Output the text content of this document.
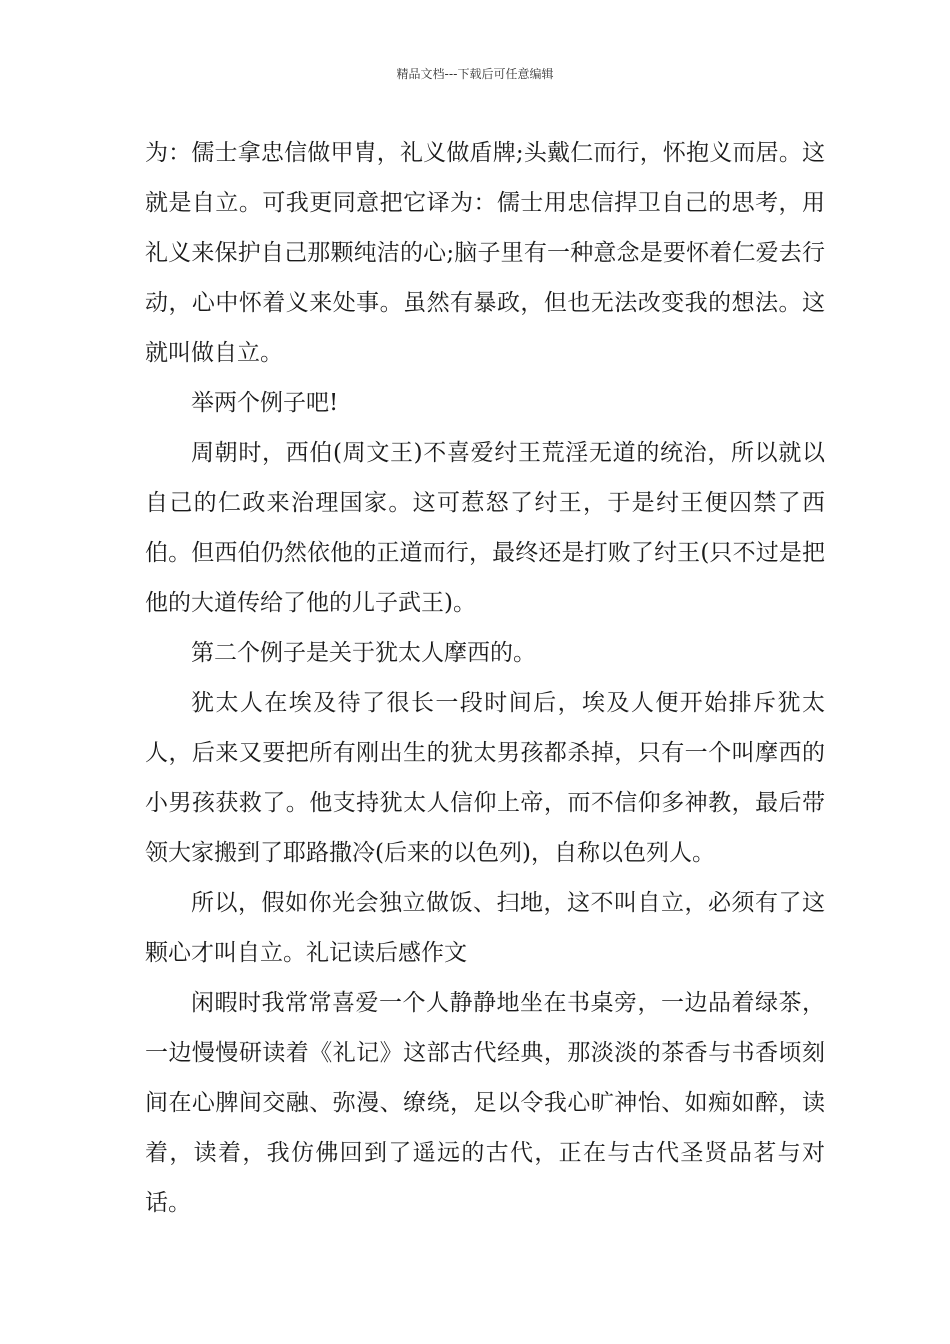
精品文档---下载后可任意编辑

为：儒士拿忠信做甲胄，礼义做盾牌;头戴仁而行，怀抱义而居。这就是自立。可我更同意把它译为：儒士用忠信捍卫自己的思考，用礼义来保护自己那颗纯洁的心;脑子里有一种意念是要怀着仁爱去行动，心中怀着义来处事。虽然有暴政，但也无法改变我的想法。这就叫做自立。

举两个例子吧!

周朝时，西伯(周文王)不喜爱纣王荒淫无道的统治，所以就以自己的仁政来治理国家。这可惹怒了纣王，于是纣王便囚禁了西伯。但西伯仍然依他的正道而行，最终还是打败了纣王(只不过是把他的大道传给了他的儿子武王)。

第二个例子是关于犹太人摩西的。

犹太人在埃及待了很长一段时间后，埃及人便开始排斥犹太人，后来又要把所有刚出生的犹太男孩都杀掉，只有一个叫摩西的小男孩获救了。他支持犹太人信仰上帝，而不信仰多神教，最后带领大家搬到了耶路撒冷(后来的以色列)，自称以色列人。

所以，假如你光会独立做饭、扫地，这不叫自立，必须有了这颗心才叫自立。礼记读后感作文

闲暇时我常常喜爱一个人静静地坐在书桌旁，一边品着绿茶，一边慢慢研读着《礼记》这部古代经典，那淡淡的茶香与书香顷刻间在心脾间交融、弥漫、缭绕，足以令我心旷神怡、如痴如醉，读着，读着，我仿佛回到了遥远的古代，正在与古代圣贤品茗与对话。
